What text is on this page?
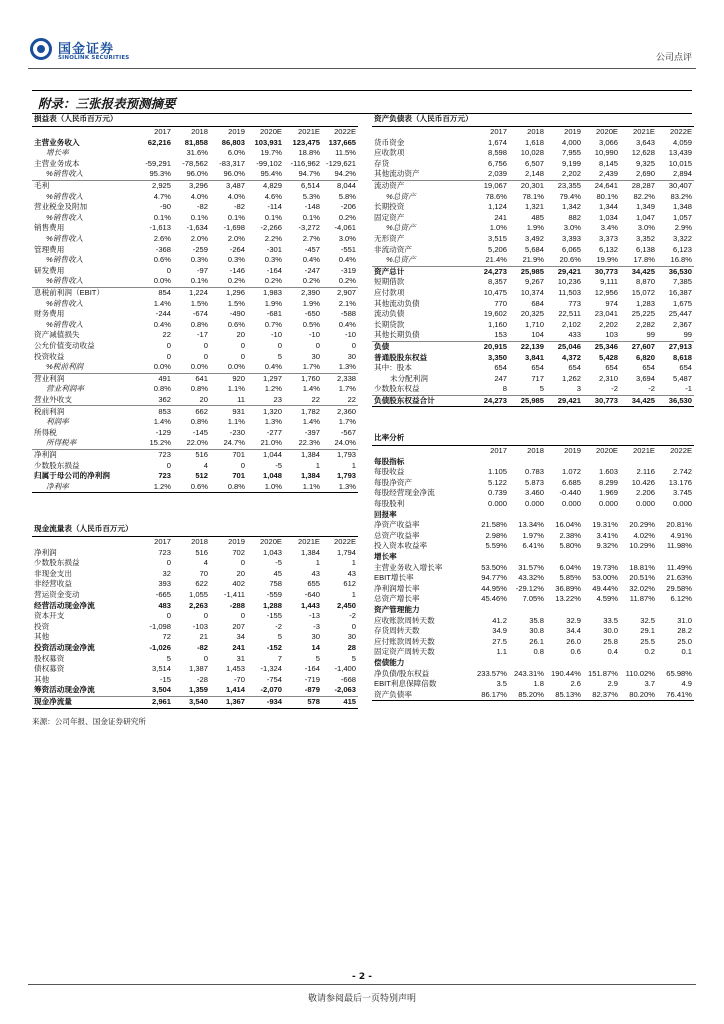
国金证券
SINOLINK SECURITIES	公司点评
附录：三张报表预测摘要
损益表（人民币百万元）						
	2017	2018	2019	2020E	2021E	2022E
主营业务收入	62,216	81,858	86,803	103,931	123,475	137,665
增长率		31.6%	6.0%	19.7%	18.8%	11.5%
主营业务成本	-59,291	-78,562	-83,317	-99,102	-116,962	-129,621
%销售收入	95.3%	96.0%	96.0%	95.4%	94.7%	94.2%
毛利	2,925	3,296	3,487	4,829	6,514	8,044
%销售收入	4.7%	4.0%	4.0%	4.6%	5.3%	5.8%
营业税金及附加	-90	-82	-82	-114	-148	-206
%销售收入	0.1%	0.1%	0.1%	0.1%	0.1%	0.2%
销售费用	-1,613	-1,634	-1,698	-2,266	-3,272	-4,061
%销售收入	2.6%	2.0%	2.0%	2.2%	2.7%	3.0%
管理费用	-368	-259	-264	-301	-457	-551
%销售收入	0.6%	0.3%	0.3%	0.3%	0.4%	0.4%
研发费用	0	-97	-146	-164	-247	-319
%销售收入	0.0%	0.1%	0.2%	0.2%	0.2%	0.2%
息税前利润（EBIT）	854	1,224	1,296	1,983	2,390	2,907
%销售收入	1.4%	1.5%	1.5%	1.9%	1.9%	2.1%
财务费用	-244	-674	-490	-681	-650	-588
%销售收入	0.4%	0.8%	0.6%	0.7%	0.5%	0.4%
资产减值损失	22	-17	20	-10	-10	-10
公允价值变动收益	0	0	0	0	0	0
投资收益	0	0	0	5	30	30
%税前利润	0.0%	0.0%	0.0%	0.4%	1.7%	1.3%
营业利润	491	641	920	1,297	1,760	2,338
营业利润率	0.8%	0.8%	1.1%	1.2%	1.4%	1.7%
营业外收支	362	20	11	23	22	22
税前利润	853	662	931	1,320	1,782	2,360
利润率	1.4%	0.8%	1.1%	1.3%	1.4%	1.7%
所得税	-129	-145	-230	-277	-397	-567
所得税率	15.2%	22.0%	24.7%	21.0%	22.3%	24.0%
净利润	723	516	701	1,044	1,384	1,793
少数股东损益	0	4	0	-5	1	1
归属于母公司的净利润	723	512	701	1,048	1,384	1,793
净利率	1.2%	0.6%	0.8%	1.0%	1.1%	1.3%
资产负债表（人民币百万元）						
	2017	2018	2019	2020E	2021E	2022E
货币资金	1,674	1,618	4,000	3,066	3,643	4,059
应收款项	8,598	10,028	7,955	10,990	12,628	13,439
存货	6,756	6,507	9,199	8,145	9,325	10,015
其他流动资产	2,039	2,148	2,202	2,439	2,690	2,894
流动资产	19,067	20,301	23,355	24,641	28,287	30,407
%总资产	78.6%	78.1%	79.4%	80.1%	82.2%	83.2%
长期投资	1,124	1,321	1,342	1,344	1,349	1,348
固定资产	241	485	882	1,034	1,047	1,057
%总资产	1.0%	1.9%	3.0%	3.4%	3.0%	2.9%
无形资产	3,515	3,492	3,393	3,373	3,352	3,322
非流动资产	5,206	5,684	6,065	6,132	6,138	6,123
%总资产	21.4%	21.9%	20.6%	19.9%	17.8%	16.8%
资产总计	24,273	25,985	29,421	30,773	34,425	36,530
短期借款	8,357	9,267	10,236	9,111	8,870	7,385
应付款项	10,475	10,374	11,503	12,956	15,072	16,387
其他流动负债	770	684	773	974	1,283	1,675
流动负债	19,602	20,325	22,511	23,041	25,225	25,447
长期贷款	1,160	1,710	2,102	2,202	2,282	2,367
其他长期负债	153	104	433	103	99	99
负债	20,915	22,139	25,046	25,346	27,607	27,913
普通股股东权益	3,350	3,841	4,372	5,428	6,820	8,618
其中：股本	654	654	654	654	654	654
未分配利润	247	717	1,262	2,310	3,694	5,487
少数股东权益	8	5	3	-2	-2	-1
负债股东权益合计	24,273	25,985	29,421	30,773	34,425	36,530
比率分析						
	2017	2018	2019	2020E	2021E	2022E
每股指标						
每股收益	1.105	0.783	1.072	1.603	2.116	2.742
每股净资产	5.122	5.873	6.685	8.299	10.426	13.176
每股经营现金净流	0.739	3.460	-0.440	1.969	2.206	3.745
每股股利	0.000	0.000	0.000	0.000	0.000	0.000
回报率						
净资产收益率	21.58%	13.34%	16.04%	19.31%	20.29%	20.81%
总资产收益率	2.98%	1.97%	2.38%	3.41%	4.02%	4.91%
投入资本收益率	5.59%	6.41%	5.80%	9.32%	10.29%	11.98%
增长率						
主营业务收入增长率	53.50%	31.57%	6.04%	19.73%	18.81%	11.49%
EBIT增长率	94.77%	43.32%	5.85%	53.00%	20.51%	21.63%
净利润增长率	44.95%	-29.12%	36.89%	49.44%	32.02%	29.58%
总资产增长率	45.46%	7.05%	13.22%	4.59%	11.87%	6.12%
资产管理能力						
应收账款周转天数	41.2	35.8	32.9	33.5	32.5	31.0
存货周转天数	34.9	30.8	34.4	30.0	29.1	28.2
应付账款周转天数	27.5	26.1	26.0	25.8	25.5	25.0
固定资产周转天数	1.1	0.8	0.6	0.4	0.2	0.1
偿债能力						
净负债/股东权益	233.57%	243.31%	190.44%	151.87%	110.02%	65.98%
EBIT利息保障倍数	3.5	1.8	2.6	2.9	3.7	4.9
资产负债率	86.17%	85.20%	85.13%	82.37%	80.20%	76.41%
现金流量表（人民币百万元）						
	2017	2018	2019	2020E	2021E	2022E
净利润	723	516	702	1,043	1,384	1,794
少数股东损益	0	4	0	-5	1	1
非现金支出	32	70	20	45	43	43
非经营收益	393	622	402	758	655	612
营运资金变动	-665	1,055	-1,411	-559	-640	1
经营活动现金净流	483	2,263	-288	1,288	1,443	2,450
资本开支	0	0	0	-155	-13	-2
投资	-1,098	-103	207	-2	-3	0
其他	72	21	34	5	30	30
投资活动现金净流	-1,026	-82	241	-152	14	28
股权募资	5	0	31	7	5	5
债权募资	3,514	1,387	1,453	-1,324	-164	-1,400
其他	-15	-28	-70	-754	-719	-668
筹资活动现金净流	3,504	1,359	1,414	-2,070	-879	-2,063
现金净流量	2,961	3,540	1,367	-934	578	415
来源：公司年报、国金证券研究所
- 2 -
敬请参阅最后一页特别声明
